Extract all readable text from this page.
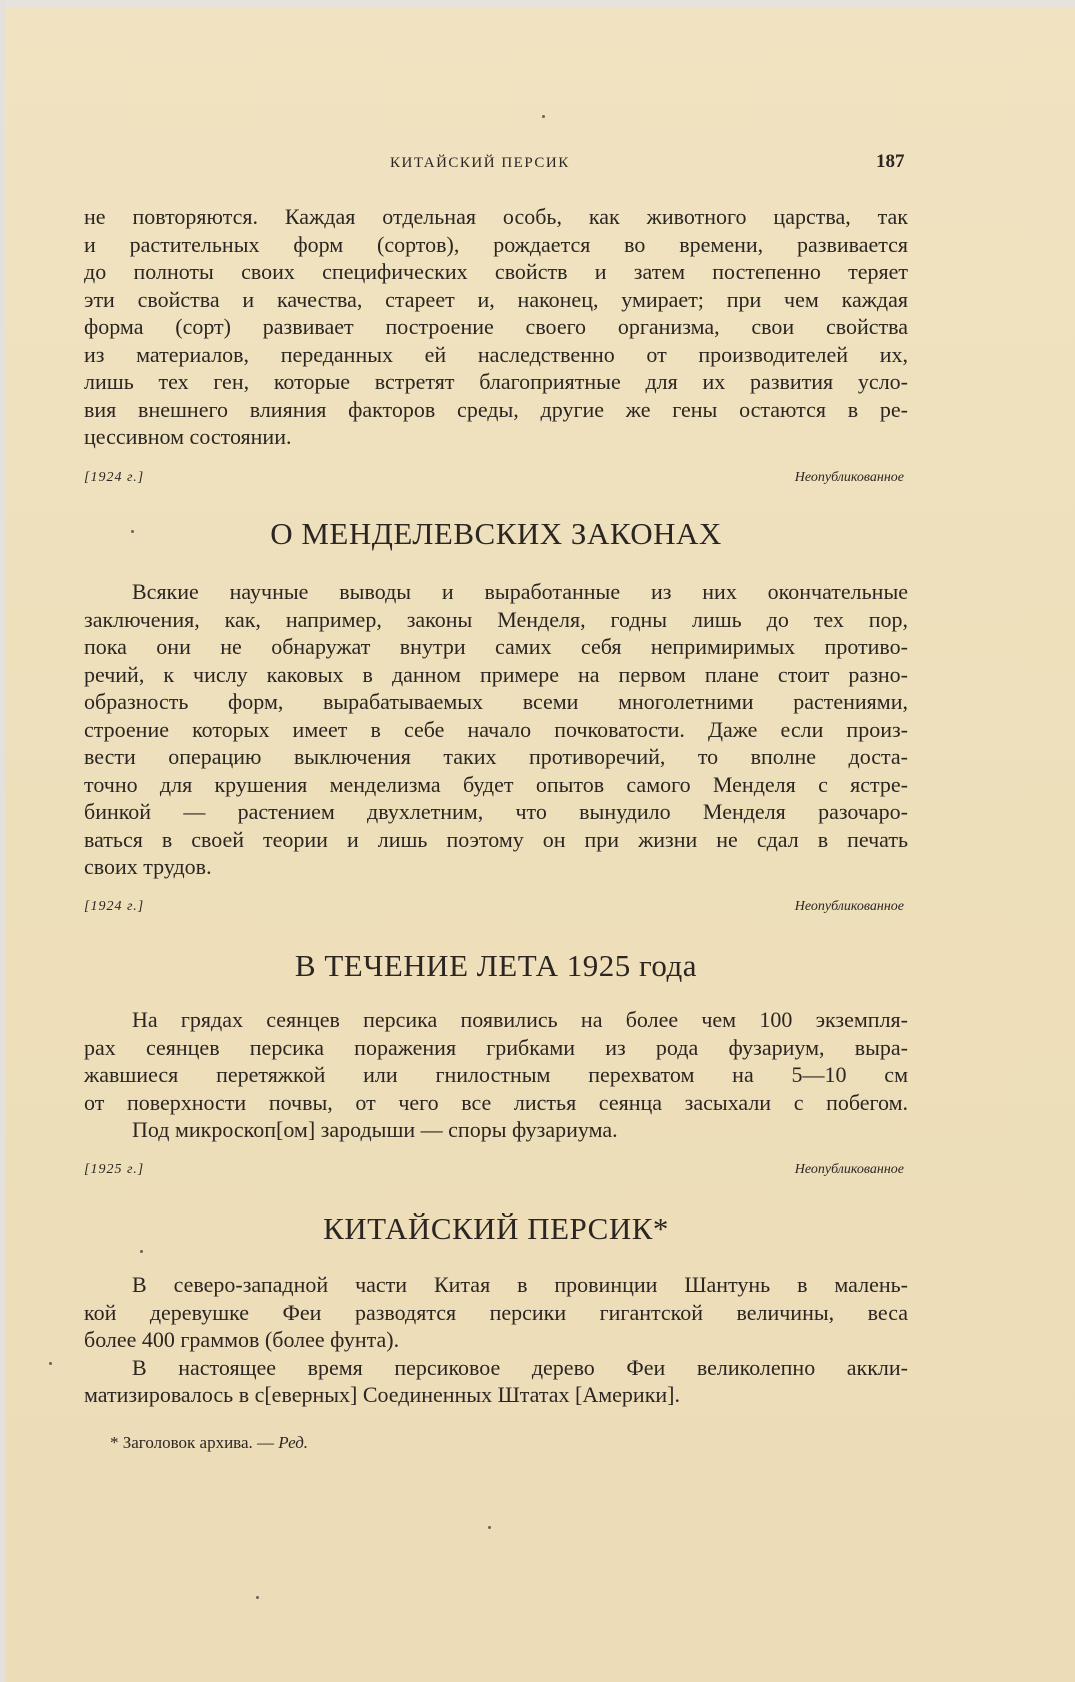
КИТАЙСКИЙ ПЕРСИК	187
не повторяются. Каждая отдельная особь, как животного царства, так
и растительных форм (сортов), рождается во времени, развивается
до полноты своих специфических свойств и затем постепенно теряет
эти свойства и качества, стареет и, наконец, умирает; при чем каждая
форма (сорт) развивает построение своего организма, свои свойства
из материалов, переданных ей наследственно от производителей их,
лишь тех ген, которые встретят благоприятные для их развития усло-
вия внешнего влияния факторов среды, другие же гены остаются в ре-
цессивном состоянии.
[1924 г.]	Неопубликованное
О МЕНДЕЛЕВСКИХ ЗАКОНАХ
Всякие научные выводы и выработанные из них окончательные
заключения, как, например, законы Менделя, годны лишь до тех пор,
пока они не обнаружат внутри самих себя непримиримых противо-
речий, к числу каковых в данном примере на первом плане стоит разно-
образность форм, вырабатываемых всеми многолетними растениями,
строение которых имеет в себе начало почковатости. Даже если произ-
вести операцию выключения таких противоречий, то вполне доста-
точно для крушения менделизма будет опытов самого Менделя с ястре-
бинкой — растением двухлетним, что вынудило Менделя разочаро-
ваться в своей теории и лишь поэтому он при жизни не сдал в печать
своих трудов.
[1924 г.]	Неопубликованное
В ТЕЧЕНИЕ ЛЕТА 1925 года
На грядах сеянцев персика появились на более чем 100 экземпля-
рах сеянцев персика поражения грибками из рода фузариум, выра-
жавшиеся перетяжкой или гнилостным перехватом на 5—10 см
от поверхности почвы, от чего все листья сеянца засыхали с побегом.
Под микроскоп[ом] зародыши — споры фузариума.
[1925 г.]	Неопубликованное
КИТАЙСКИЙ ПЕРСИК*
В северо-западной части Китая в провинции Шантунь в малень-
кой деревушке Феи разводятся персики гигантской величины, веса
более 400 граммов (более фунта).
В настоящее время персиковое дерево Феи великолепно аккли-
матизировалось в с[еверных] Соединенных Штатах [Америки].
* Заголовок архива. — Ред.
